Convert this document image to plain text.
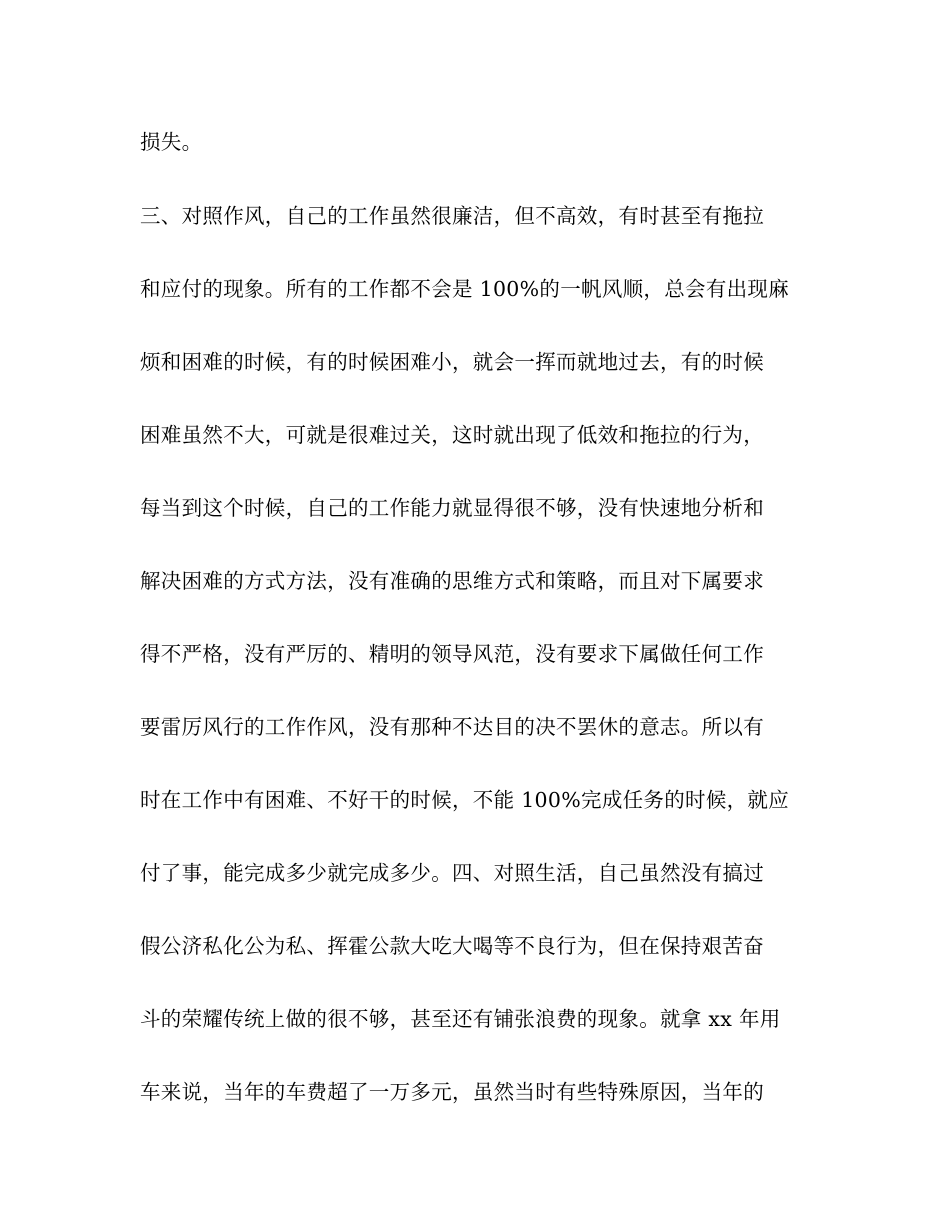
损失。
三、对照作风，自己的工作虽然很廉洁，但不高效，有时甚至有拖拉
和应付的现象。所有的工作都不会是 100%的一帆风顺，总会有出现麻
烦和困难的时候，有的时候困难小，就会一挥而就地过去，有的时候
困难虽然不大，可就是很难过关，这时就出现了低效和拖拉的行为，
每当到这个时候，自己的工作能力就显得很不够，没有快速地分析和
解决困难的方式方法，没有准确的思维方式和策略，而且对下属要求
得不严格，没有严厉的、精明的领导风范，没有要求下属做任何工作
要雷厉风行的工作作风，没有那种不达目的决不罢休的意志。所以有
时在工作中有困难、不好干的时候，不能 100%完成任务的时候，就应
付了事，能完成多少就完成多少。四、对照生活，自己虽然没有搞过
假公济私化公为私、挥霍公款大吃大喝等不良行为，但在保持艰苦奋
斗的荣耀传统上做的很不够，甚至还有铺张浪费的现象。就拿 xx 年用
车来说，当年的车费超了一万多元，虽然当时有些特殊原因，当年的
